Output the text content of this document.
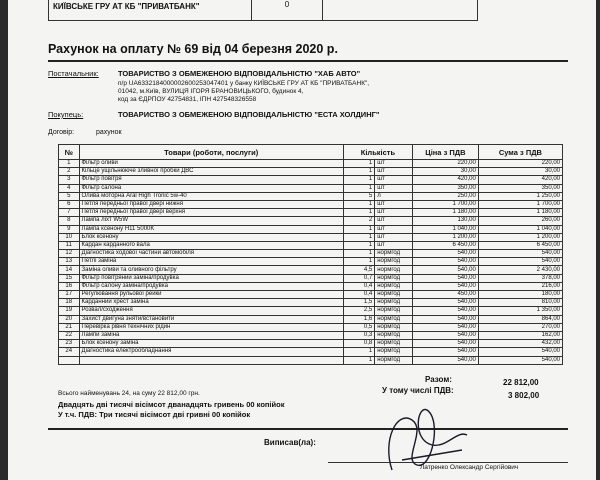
КИЇВСЬКЕ ГРУ АТ КБ "ПРИВАТБАНК"	0
Рахунок на оплату № 69 від 04 березня 2020 р.
Постачальник:	ТОВАРИСТВО З ОБМЕЖЕНОЮ ВІДПОВІДАЛЬНІСТЮ "ХАБ АВТО"
п/р UA633218400000260025304740​1 у банку КИЇВСЬКЕ ГРУ АТ КБ "ПРИВАТБАНК",
01042, м.Київ, ВУЛИЦЯ ІГОРЯ БРАНОВИЦЬКОГО, будинок 4,
код за ЄДРПОУ 42754831, ІПН 427548326558
Покупець:	ТОВАРИСТВО З ОБМЕЖЕНОЮ ВІДПОВІДАЛЬНІСТЮ "ЕСТА ХОЛДИНГ"
Договір:	рахунок
№	Товари (роботи, послуги)	Кількість		Ціна з ПДВ	Сума з ПДВ
1	Фільтр оливи	1	шт	220,00	220,00
2	Кільце ущільнююче зливної пробки ДВС	1	шт	30,00	30,00
3	Фільтр повітря	1	шт	420,00	420,00
4	Фільтр салона	1	шт	350,00	350,00
5	Олива моторна Aral High Tronic 5w-40	5	л	250,00	1 250,00
6	Петля передньої правої двері нижня	1	шт	1 700,00	1 700,00
7	Петля передньої правої двері верхня	1	шт	1 180,00	1 180,00
8	Лампа ліхт W5W	2	шт	130,00	260,00
9	Лампа ксенону H11 5000K	1	шт	1 040,00	1 040,00
10	Блок ксенону	1	шт	1 200,00	1 200,00
11	Кардан карданного вала	1	шт	6 450,00	6 450,00
12	Діагностика ходової частини автомобіля	1	нормгод	540,00	540,00
13	Петлі заміна	1	нормгод	540,00	540,00
14	Заміна оливи та оливного фільтру	4,5	нормгод	540,00	2 430,00
15	Фільтр повітряний заміна/продувка	0,7	нормгод	540,00	378,00
16	Фільтр салону заміна/продувка	0,4	нормгод	540,00	216,00
17	Регулювання рульової рейки	0,4	нормгод	450,00	180,00
18	Карданний хрест заміна	1,5	нормгод	540,00	810,00
19	Розвал/сходження	2,5	нормгод	540,00	1 350,00
20	Захист двигуна зняти/встановити	1,6	нормгод	540,00	864,00
21	Перевірка рівня технічних рідин	0,5	нормгод	540,00	270,00
22	Лампи заміна	0,3	нормгод	540,00	162,00
23	Блок ксенону заміна	0,8	нормгод	540,00	432,00
24	Діагностика електрообладнання	1	нормгод	540,00	540,00
		1	нормгод	540,00	540,00
Разом:	22 812,00
У тому числі ПДВ:
3 802,00
Всього найменувань 24, на суму 22 812,00 грн.
Двадцять дві тисячі вісімсот дванадцять гривень 00 копійок
У т.ч. ПДВ: Три тисячі вісімсот дві гривні 00 копійок
Виписав(ла):
Латренко Олександр Сергійович
